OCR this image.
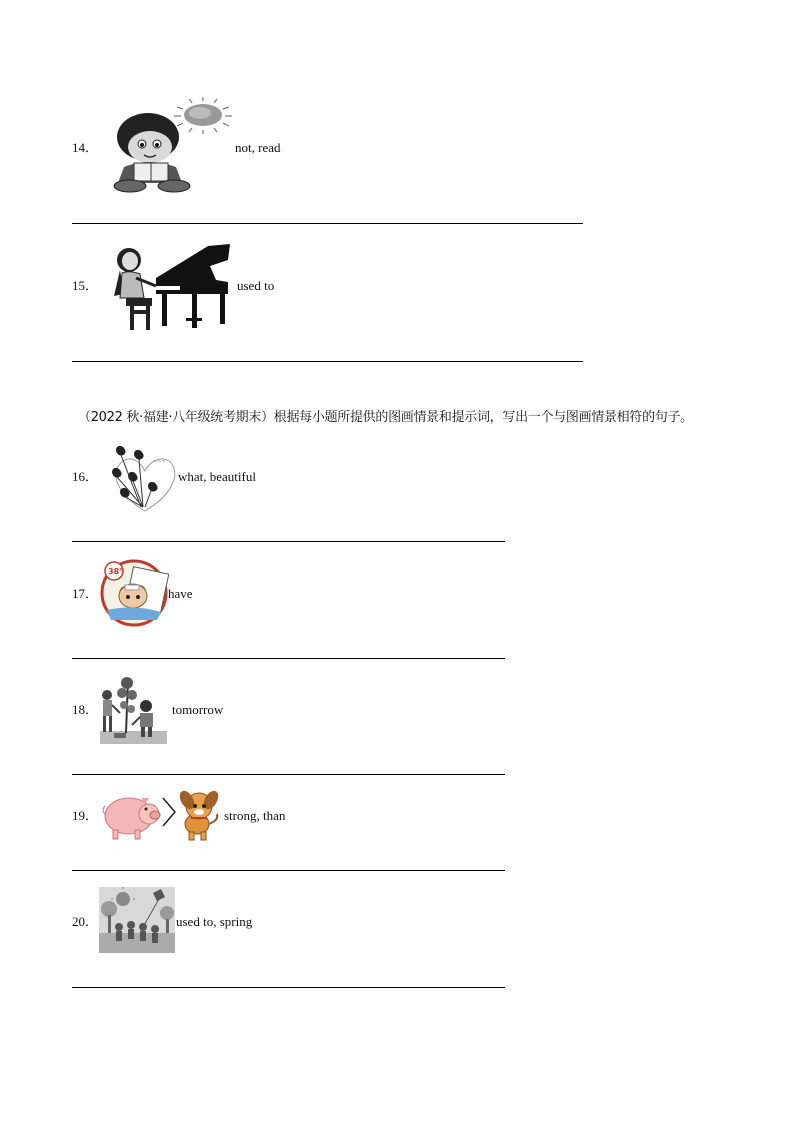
14．	not, read
15．	used to
（2022 秋·福建·八年级统考期末）根据每小题所提供的图画情景和提示词，写出一个与图画情景相符的句子。
16．
~~~
what, beautiful
17．
38°
have
18．	tomorrow
19．	strong, than
20．	used to, spring
